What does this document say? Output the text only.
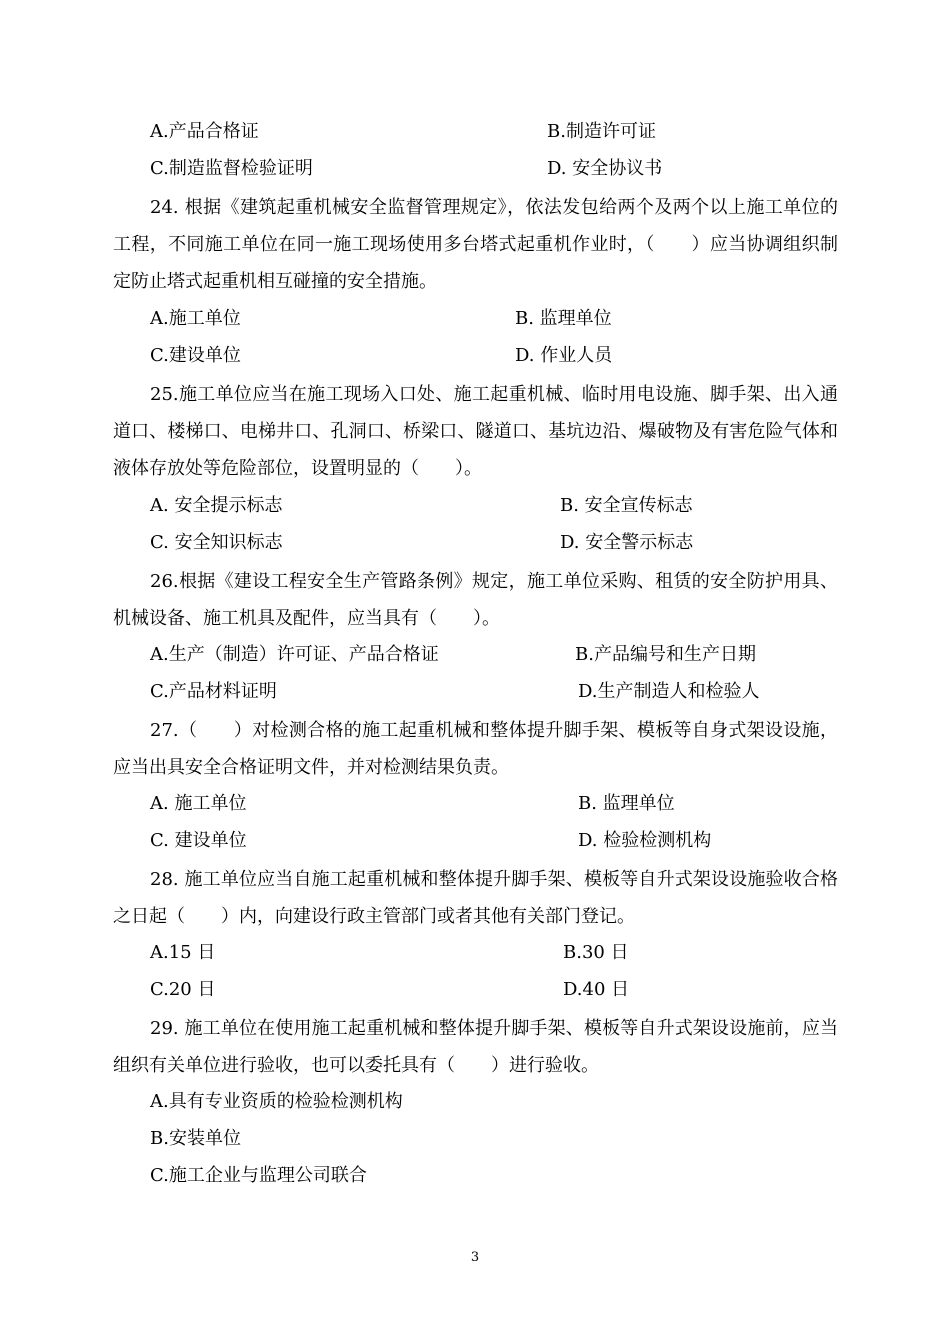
A.产品合格证	B.制造许可证
C.制造监督检验证明	D. 安全协议书

24. 根据《建筑起重机械安全监督管理规定》，依法发包给两个及两个以上施工单位的工程，不同施工单位在同一施工现场使用多台塔式起重机作业时，（　　）应当协调组织制定防止塔式起重机相互碰撞的安全措施。

A.施工单位	B. 监理单位
C.建设单位	D. 作业人员

25.施工单位应当在施工现场入口处、施工起重机械、临时用电设施、脚手架、出入通道口、楼梯口、电梯井口、孔洞口、桥梁口、隧道口、基坑边沿、爆破物及有害危险气体和液体存放处等危险部位，设置明显的（　　）。

A. 安全提示标志	B. 安全宣传标志
C. 安全知识标志	D. 安全警示标志

26.根据《建设工程安全生产管路条例》规定，施工单位采购、租赁的安全防护用具、机械设备、施工机具及配件，应当具有（　　）。

A.生产（制造）许可证、产品合格证	B.产品编号和生产日期
C.产品材料证明	D.生产制造人和检验人

27.（　　）对检测合格的施工起重机械和整体提升脚手架、模板等自身式架设设施，应当出具安全合格证明文件，并对检测结果负责。

A. 施工单位	B. 监理单位
C. 建设单位	D. 检验检测机构

28. 施工单位应当自施工起重机械和整体提升脚手架、模板等自升式架设设施验收合格之日起（　　）内，向建设行政主管部门或者其他有关部门登记。

A.15 日	B.30 日
C.20 日	D.40 日

29. 施工单位在使用施工起重机械和整体提升脚手架、模板等自升式架设设施前，应当组织有关单位进行验收，也可以委托具有（　　）进行验收。

A.具有专业资质的检验检测机构
B.安装单位
C.施工企业与监理公司联合
3
